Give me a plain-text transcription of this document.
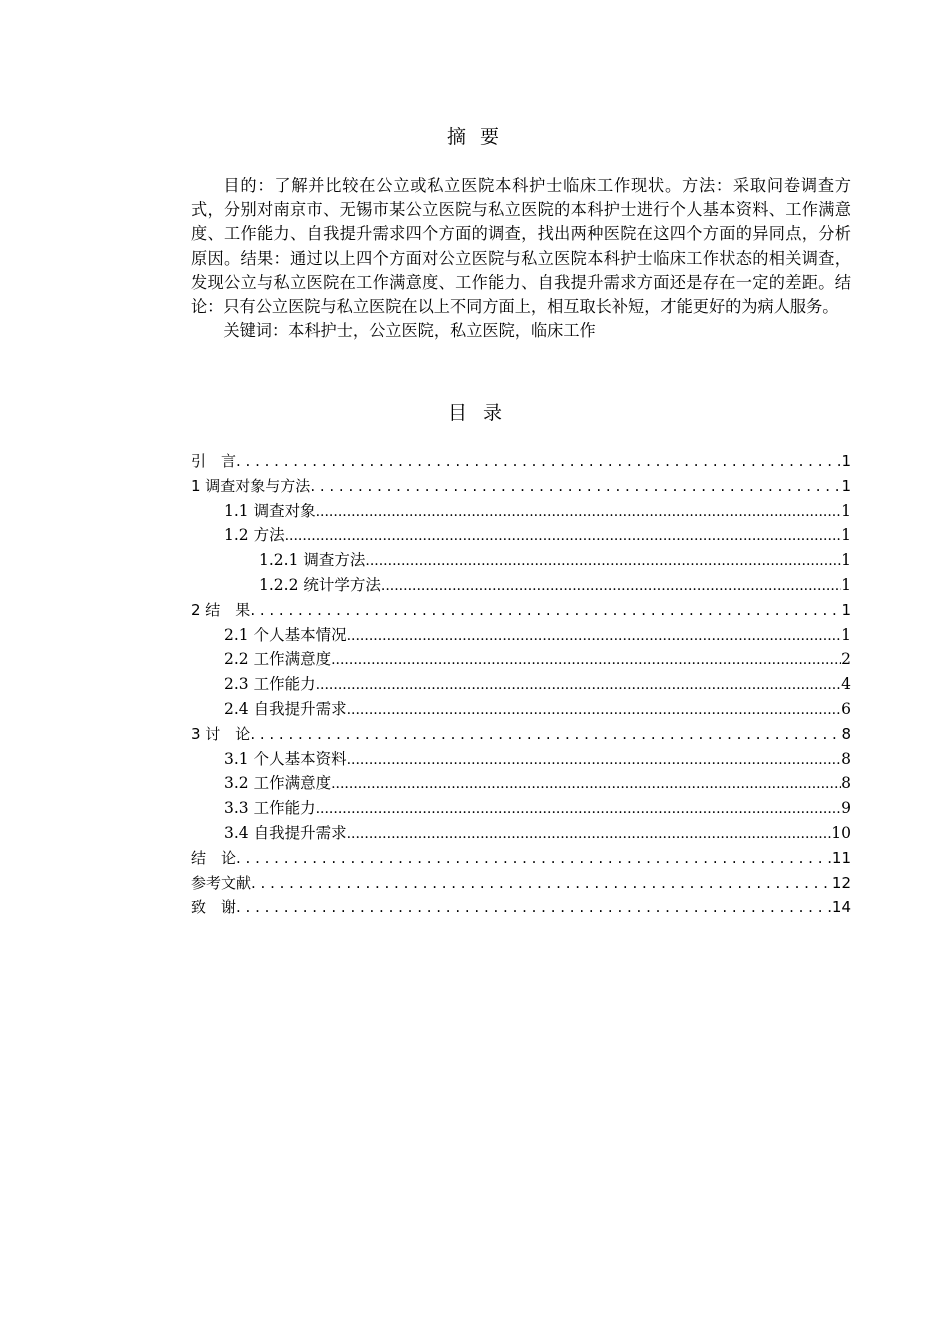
摘 要

目的：了解并比较在公立或私立医院本科护士临床工作现状。方法：采取问卷调查方式，分别对南京市、无锡市某公立医院与私立医院的本科护士进行个人基本资料、工作满意度、工作能力、自我提升需求四个方面的调查，找出两种医院在这四个方面的异同点，分析原因。结果：通过以上四个方面对公立医院与私立医院本科护士临床工作状态的相关调查，发现公立与私立医院在工作满意度、工作能力、自我提升需求方面还是存在一定的差距。结论：只有公立医院与私立医院在以上不同方面上，相互取长补短，才能更好的为病人服务。

关键词：本科护士，公立医院，私立医院，临床工作

目 录
引　言 . . .	1
1 调查对象与方法 . . .	1
1.1 调查对象 .....	1
1.2 方法 .....	1
1.2.1 调查方法 .....	1
1.2.2 统计学方法 .....	1
2 结　果 . . .	1
2.1 个人基本情况 .....	1
2.2 工作满意度 .....	2
2.3 工作能力 .....	4
2.4 自我提升需求 .....	6
3 讨　论 . . .	8
3.1 个人基本资料 .....	8
3.2 工作满意度 .....	8
3.3 工作能力 .....	9
3.4 自我提升需求 .....	10
结　论 . . .	11
参考文献 . . .	12
致　谢 . . .	14
